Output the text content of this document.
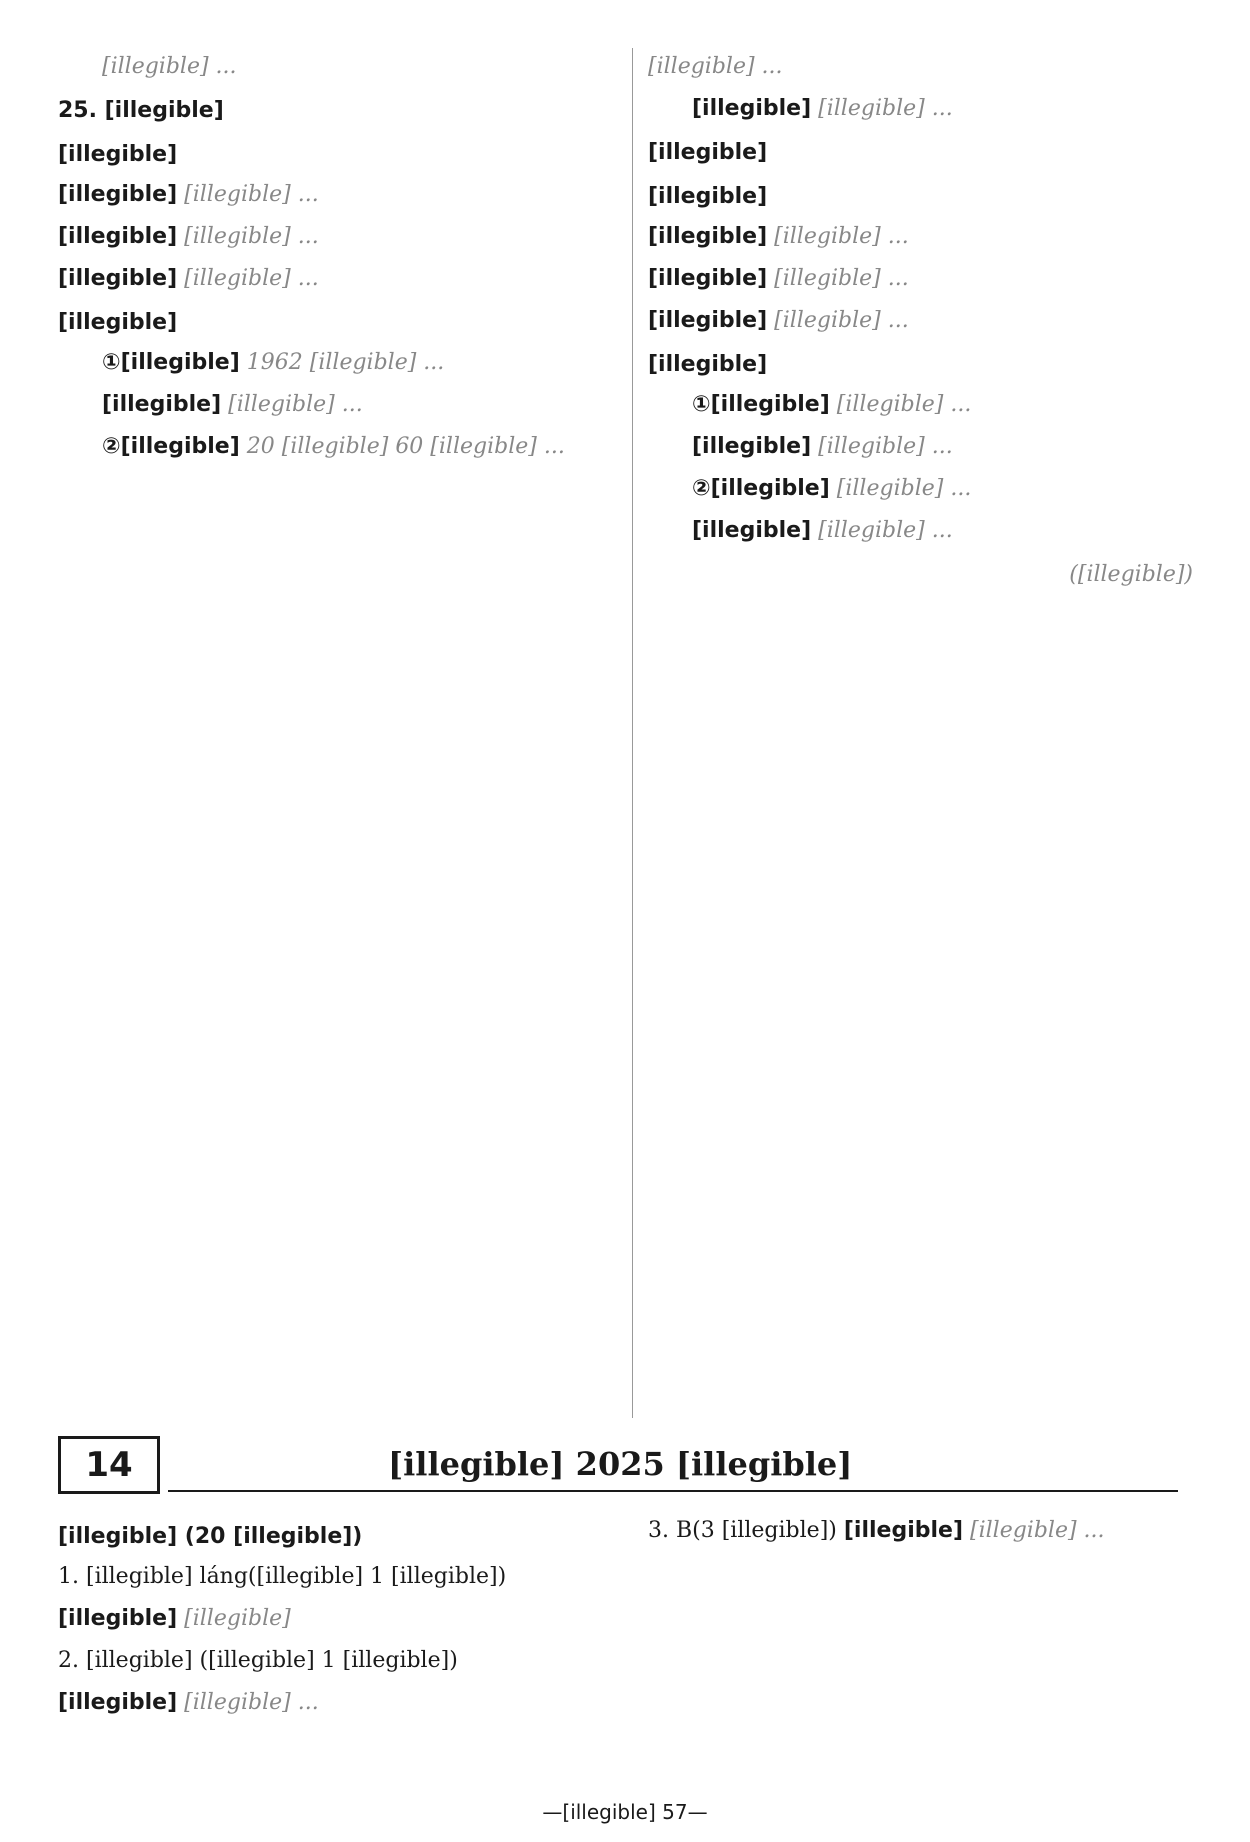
[illegible] ...

25. [illegible]
[illegible]

[illegible] [illegible] ...

[illegible] [illegible] ...

[illegible] [illegible] ...

[illegible]

①[illegible] 1962 [illegible] ...

[illegible] [illegible] ...

②[illegible] 20 [illegible] 60 [illegible] ...

[illegible] ...

[illegible] [illegible] ...

[illegible]
[illegible]

[illegible] [illegible] ...

[illegible] [illegible] ...

[illegible] [illegible] ...

[illegible]

①[illegible] [illegible] ...

[illegible] [illegible] ...

②[illegible] [illegible] ...

[illegible] [illegible] ...

([illegible])
14	[illegible] 2025 [illegible]
[illegible] (20 [illegible])

1. [illegible] láng([illegible] 1 [illegible])

[illegible] [illegible]

2. [illegible] ([illegible] 1 [illegible])

[illegible] [illegible] ...

3. B(3 [illegible]) [illegible] [illegible] ...

—[illegible] 57—
